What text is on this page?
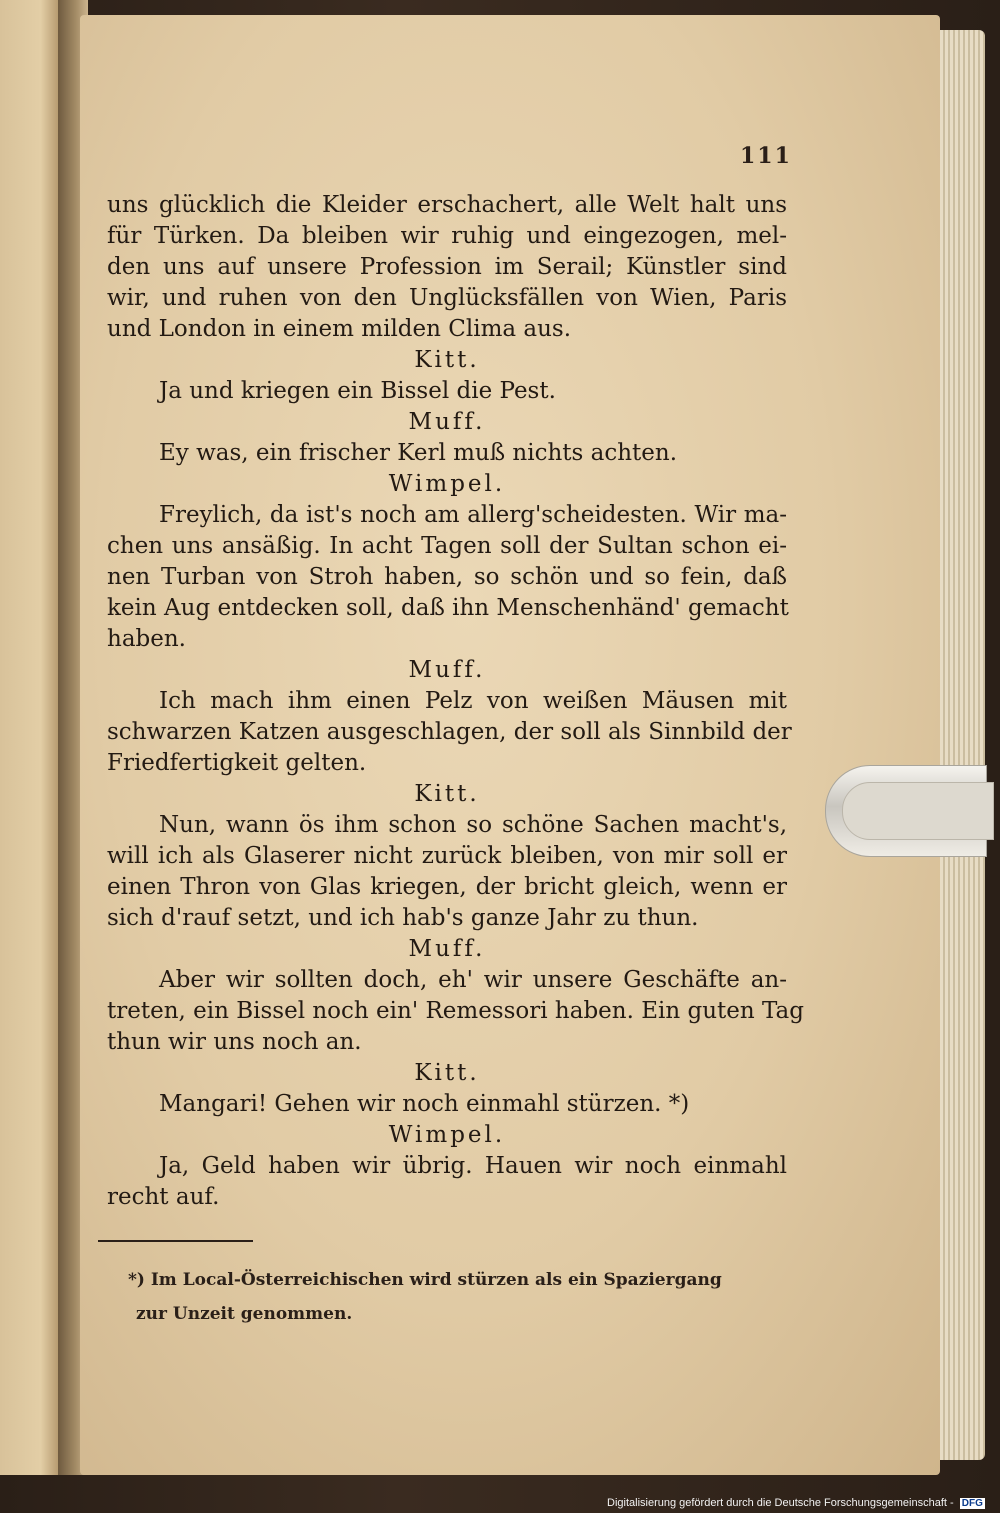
111
uns glücklich die Kleider erschachert, alle Welt halt uns
für Türken. Da bleiben wir ruhig und eingezogen, mel-
den uns auf unsere Profession im Serail; Künstler sind
wir, und ruhen von den Unglücksfällen von Wien, Paris
und London in einem milden Clima aus.
Kitt.
Ja und kriegen ein Bissel die Pest.
Muff.
Ey was, ein frischer Kerl muß nichts achten.
Wimpel.
Freylich, da ist's noch am allerg'scheidesten. Wir ma-
chen uns ansäßig. In acht Tagen soll der Sultan schon ei-
nen Turban von Stroh haben, so schön und so fein, daß
kein Aug entdecken soll, daß ihn Menschenhänd' gemacht
haben.
Muff.
Ich mach ihm einen Pelz von weißen Mäusen mit
schwarzen Katzen ausgeschlagen, der soll als Sinnbild der
Friedfertigkeit gelten.
Kitt.
Nun, wann ös ihm schon so schöne Sachen macht's,
will ich als Glaserer nicht zurück bleiben, von mir soll er
einen Thron von Glas kriegen, der bricht gleich, wenn er
sich d'rauf setzt, und ich hab's ganze Jahr zu thun.
Muff.
Aber wir sollten doch, eh' wir unsere Geschäfte an-
treten, ein Bissel noch ein' Remessori haben. Ein guten Tag
thun wir uns noch an.
Kitt.
Mangari! Gehen wir noch einmahl stürzen. *)
Wimpel.
Ja, Geld haben wir übrig. Hauen wir noch einmahl
recht auf.
*) Im Local-Österreichischen wird stürzen als ein Spaziergang
zur Unzeit genommen.
Digitalisierung gefördert durch die Deutsche Forschungsgemeinschaft - DFG
